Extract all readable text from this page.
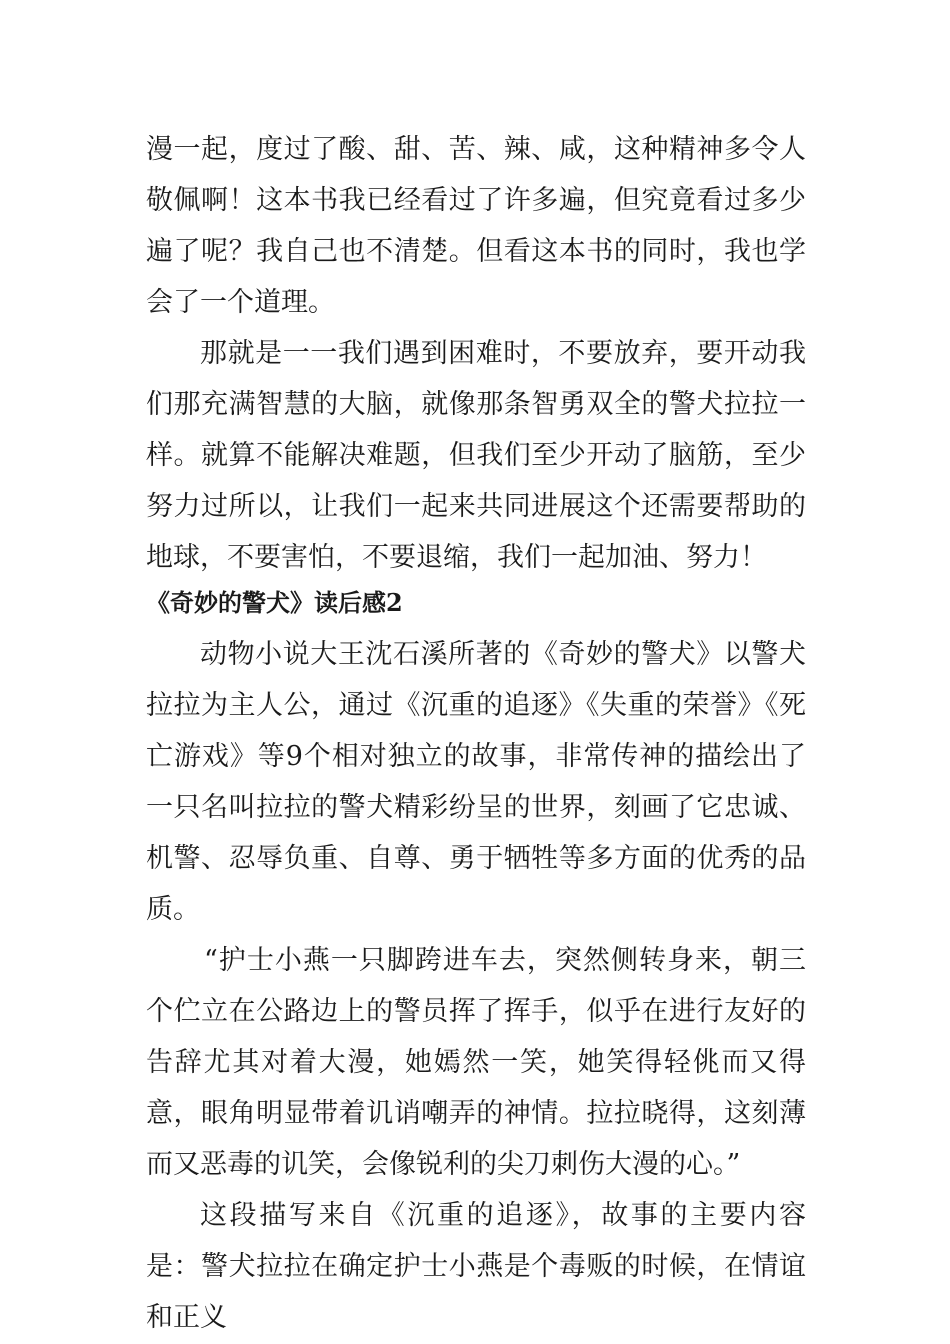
漫一起，度过了酸、甜、苦、辣、咸，这种精神多令人敬佩啊！这本书我已经看过了许多遍，但究竟看过多少遍了呢？我自己也不清楚。但看这本书的同时，我也学会了一个道理。

那就是一一我们遇到困难时，不要放弃，要开动我们那充满智慧的大脑，就像那条智勇双全的警犬拉拉一样。就算不能解决难题，但我们至少开动了脑筋，至少努力过所以，让我们一起来共同进展这个还需要帮助的地球，不要害怕，不要退缩，我们一起加油、努力！

《奇妙的警犬》读后感2

动物小说大王沈石溪所著的《奇妙的警犬》以警犬拉拉为主人公，通过《沉重的追逐》《失重的荣誉》《死亡游戏》等9个相对独立的故事，非常传神的描绘出了一只名叫拉拉的警犬精彩纷呈的世界，刻画了它忠诚、机警、忍辱负重、自尊、勇于牺牲等多方面的优秀的品质。

“护士小燕一只脚跨进车去，突然侧转身来，朝三个伫立在公路边上的警员挥了挥手，似乎在进行友好的告辞尤其对着大漫，她嫣然一笑，她笑得轻佻而又得意，眼角明显带着讥诮嘲弄的神情。拉拉晓得，这刻薄而又恶毒的讥笑，会像锐利的尖刀刺伤大漫的心。”

这段描写来自《沉重的追逐》，故事的主要内容是：警犬拉拉在确定护士小燕是个毒贩的时候，在情谊和正义
